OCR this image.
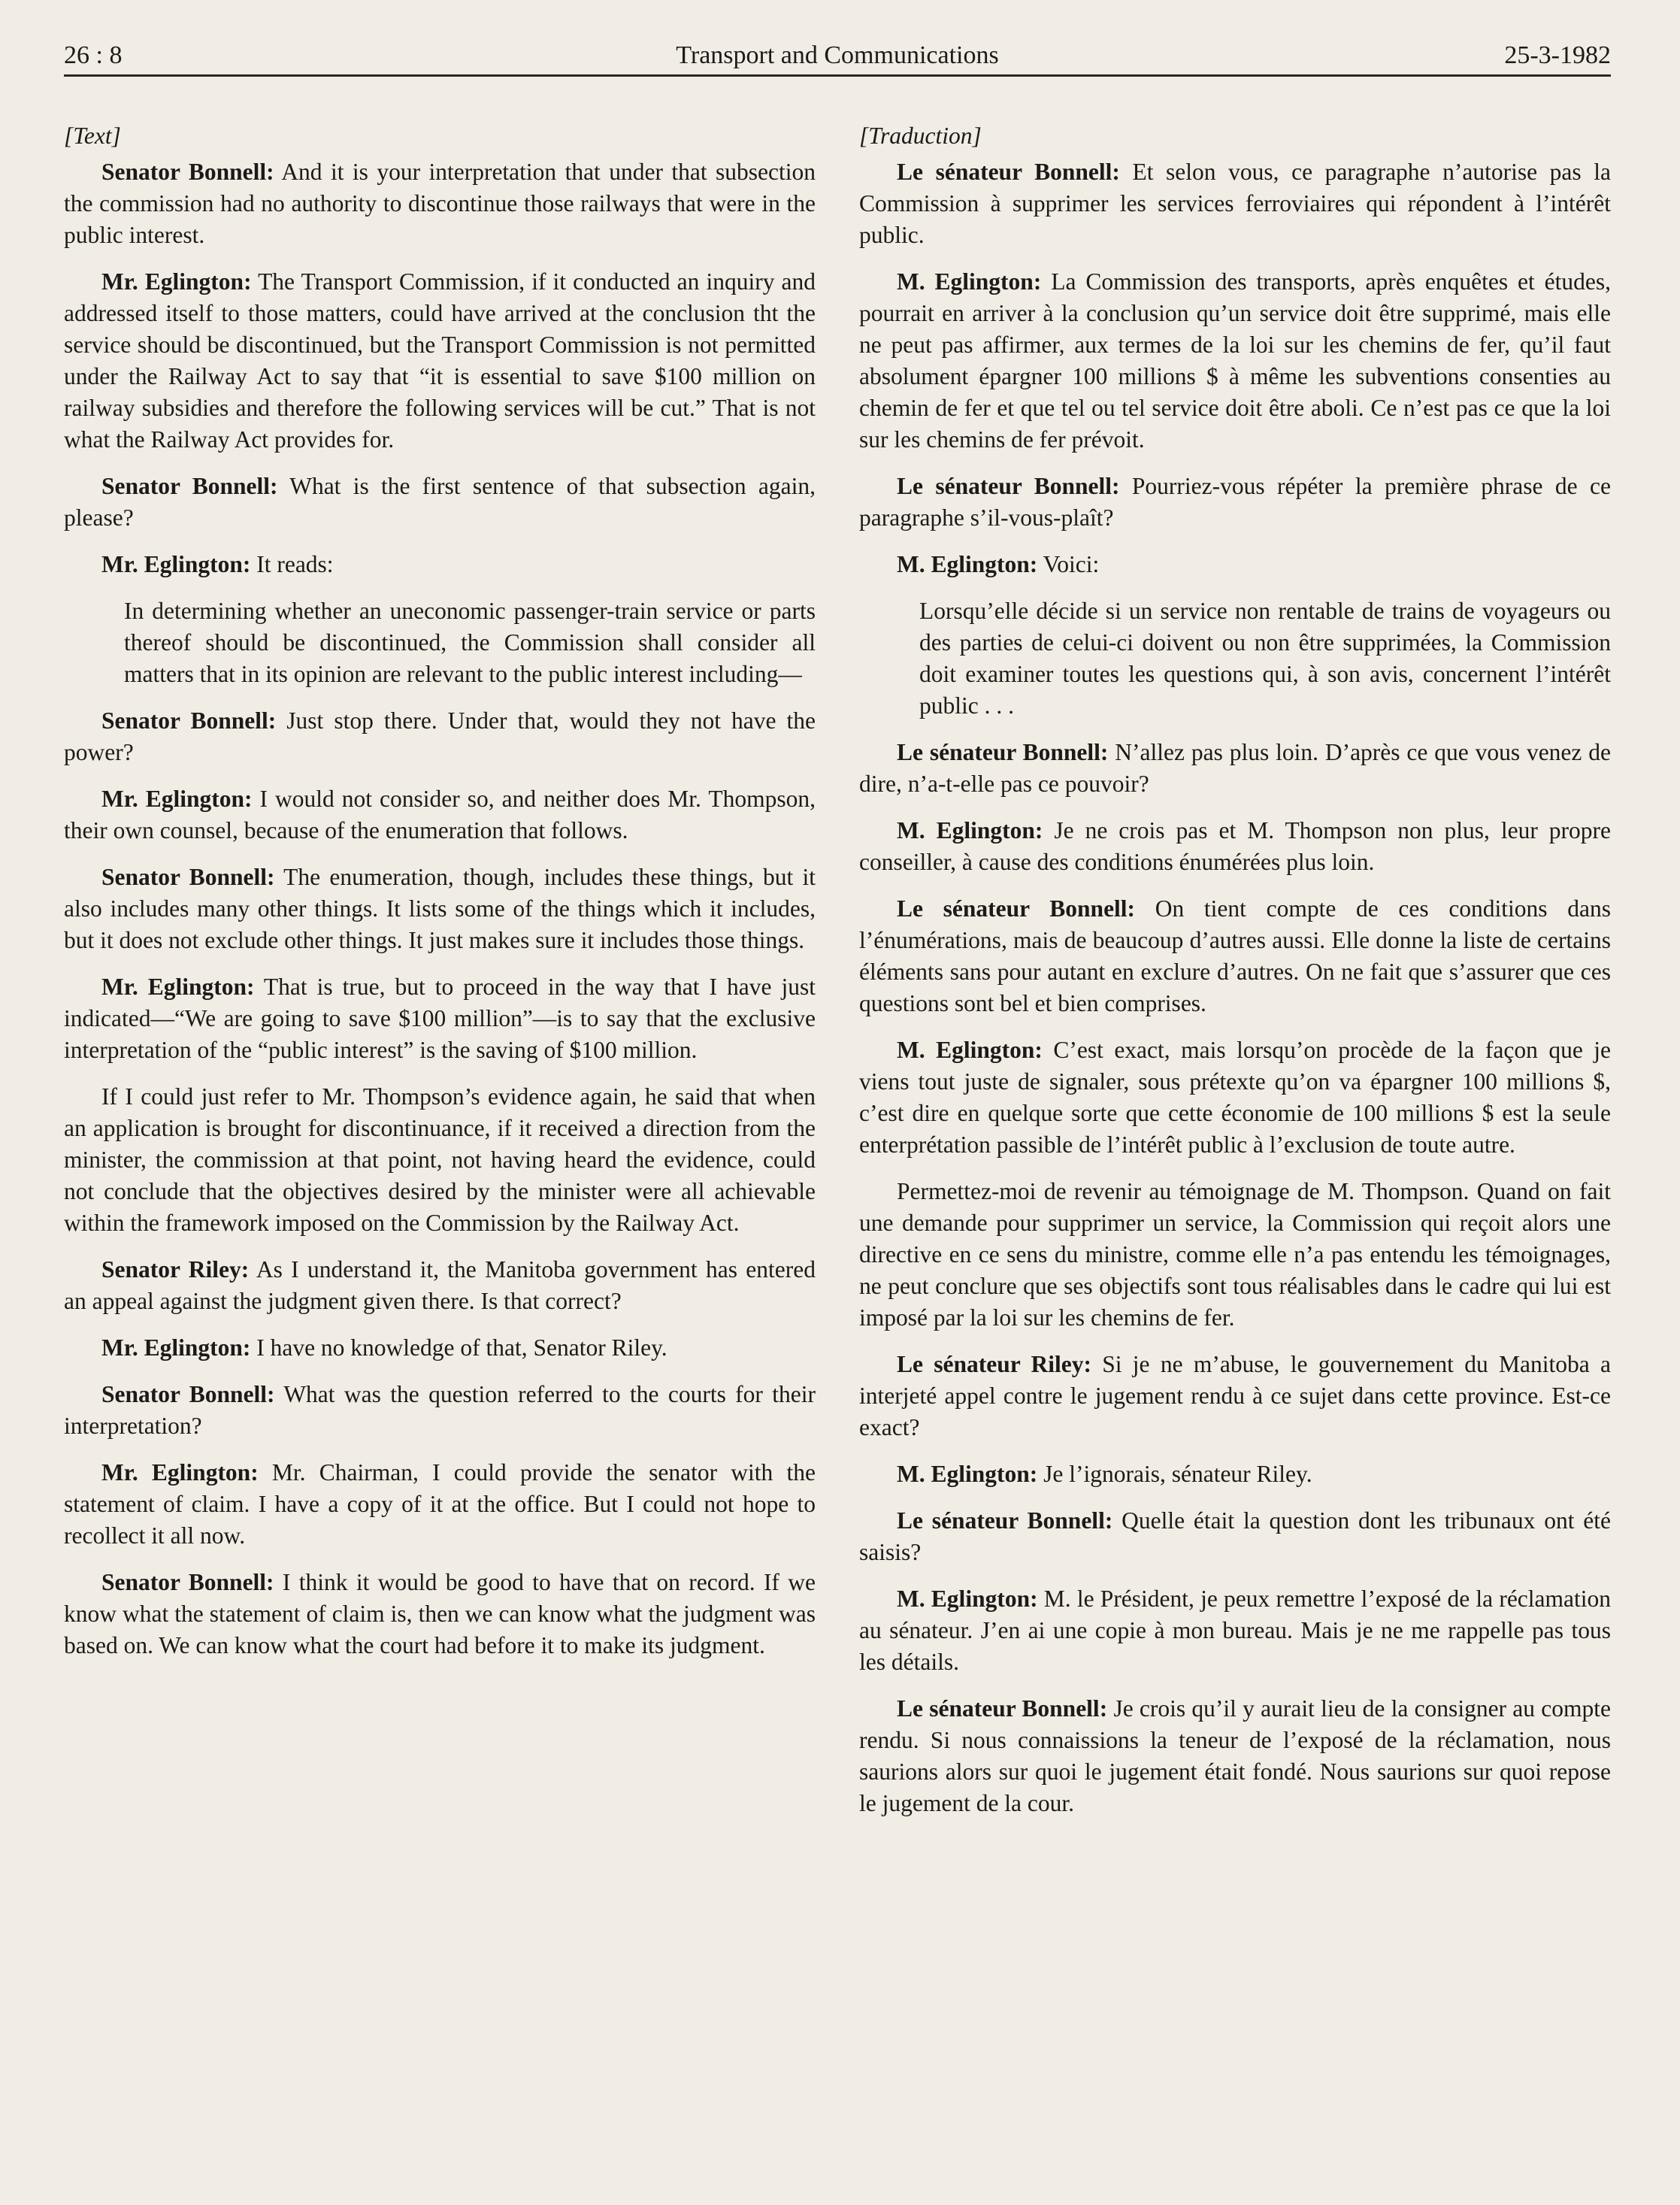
26 : 8	Transport and Communications	25-3-1982
[Text]

Senator Bonnell: And it is your interpretation that under that subsection the commission had no authority to discontinue those railways that were in the public interest.

Mr. Eglington: The Transport Commission, if it conducted an inquiry and addressed itself to those matters, could have arrived at the conclusion tht the service should be discontinued, but the Transport Commission is not permitted under the Railway Act to say that “it is essential to save $100 million on railway subsidies and therefore the following services will be cut.” That is not what the Railway Act provides for.

Senator Bonnell: What is the first sentence of that subsection again, please?

Mr. Eglington: It reads:

In determining whether an uneconomic passenger-train service or parts thereof should be discontinued, the Commission shall consider all matters that in its opinion are relevant to the public interest including—

Senator Bonnell: Just stop there. Under that, would they not have the power?

Mr. Eglington: I would not consider so, and neither does Mr. Thompson, their own counsel, because of the enumeration that follows.

Senator Bonnell: The enumeration, though, includes these things, but it also includes many other things. It lists some of the things which it includes, but it does not exclude other things. It just makes sure it includes those things.

Mr. Eglington: That is true, but to proceed in the way that I have just indicated—“We are going to save $100 million”—is to say that the exclusive interpretation of the “public interest” is the saving of $100 million.

If I could just refer to Mr. Thompson’s evidence again, he said that when an application is brought for discontinuance, if it received a direction from the minister, the commission at that point, not having heard the evidence, could not conclude that the objectives desired by the minister were all achievable within the framework imposed on the Commission by the Railway Act.

Senator Riley: As I understand it, the Manitoba government has entered an appeal against the judgment given there. Is that correct?

Mr. Eglington: I have no knowledge of that, Senator Riley.

Senator Bonnell: What was the question referred to the courts for their interpretation?

Mr. Eglington: Mr. Chairman, I could provide the senator with the statement of claim. I have a copy of it at the office. But I could not hope to recollect it all now.

Senator Bonnell: I think it would be good to have that on record. If we know what the statement of claim is, then we can know what the judgment was based on. We can know what the court had before it to make its judgment.

[Traduction]

Le sénateur Bonnell: Et selon vous, ce paragraphe n’autorise pas la Commission à supprimer les services ferroviaires qui répondent à l’intérêt public.

M. Eglington: La Commission des transports, après enquêtes et études, pourrait en arriver à la conclusion qu’un service doit être supprimé, mais elle ne peut pas affirmer, aux termes de la loi sur les chemins de fer, qu’il faut absolument épargner 100 millions $ à même les subventions consenties au chemin de fer et que tel ou tel service doit être aboli. Ce n’est pas ce que la loi sur les chemins de fer prévoit.

Le sénateur Bonnell: Pourriez-vous répéter la première phrase de ce paragraphe s’il-vous-plaît?

M. Eglington: Voici:

Lorsqu’elle décide si un service non rentable de trains de voyageurs ou des parties de celui-ci doivent ou non être supprimées, la Commission doit examiner toutes les questions qui, à son avis, concernent l’intérêt public . . .

Le sénateur Bonnell: N’allez pas plus loin. D’après ce que vous venez de dire, n’a-t-elle pas ce pouvoir?

M. Eglington: Je ne crois pas et M. Thompson non plus, leur propre conseiller, à cause des conditions énumérées plus loin.

Le sénateur Bonnell: On tient compte de ces conditions dans l’énumérations, mais de beaucoup d’autres aussi. Elle donne la liste de certains éléments sans pour autant en exclure d’autres. On ne fait que s’assurer que ces questions sont bel et bien comprises.

M. Eglington: C’est exact, mais lorsqu’on procède de la façon que je viens tout juste de signaler, sous prétexte qu’on va épargner 100 millions $, c’est dire en quelque sorte que cette économie de 100 millions $ est la seule enterprétation passible de l’intérêt public à l’exclusion de toute autre.

Permettez-moi de revenir au témoignage de M. Thompson. Quand on fait une demande pour supprimer un service, la Commission qui reçoit alors une directive en ce sens du ministre, comme elle n’a pas entendu les témoignages, ne peut conclure que ses objectifs sont tous réalisables dans le cadre qui lui est imposé par la loi sur les chemins de fer.

Le sénateur Riley: Si je ne m’abuse, le gouvernement du Manitoba a interjeté appel contre le jugement rendu à ce sujet dans cette province. Est-ce exact?

M. Eglington: Je l’ignorais, sénateur Riley.

Le sénateur Bonnell: Quelle était la question dont les tribunaux ont été saisis?

M. Eglington: M. le Président, je peux remettre l’exposé de la réclamation au sénateur. J’en ai une copie à mon bureau. Mais je ne me rappelle pas tous les détails.

Le sénateur Bonnell: Je crois qu’il y aurait lieu de la consigner au compte rendu. Si nous connaissions la teneur de l’exposé de la réclamation, nous saurions alors sur quoi le jugement était fondé. Nous saurions sur quoi repose le jugement de la cour.
